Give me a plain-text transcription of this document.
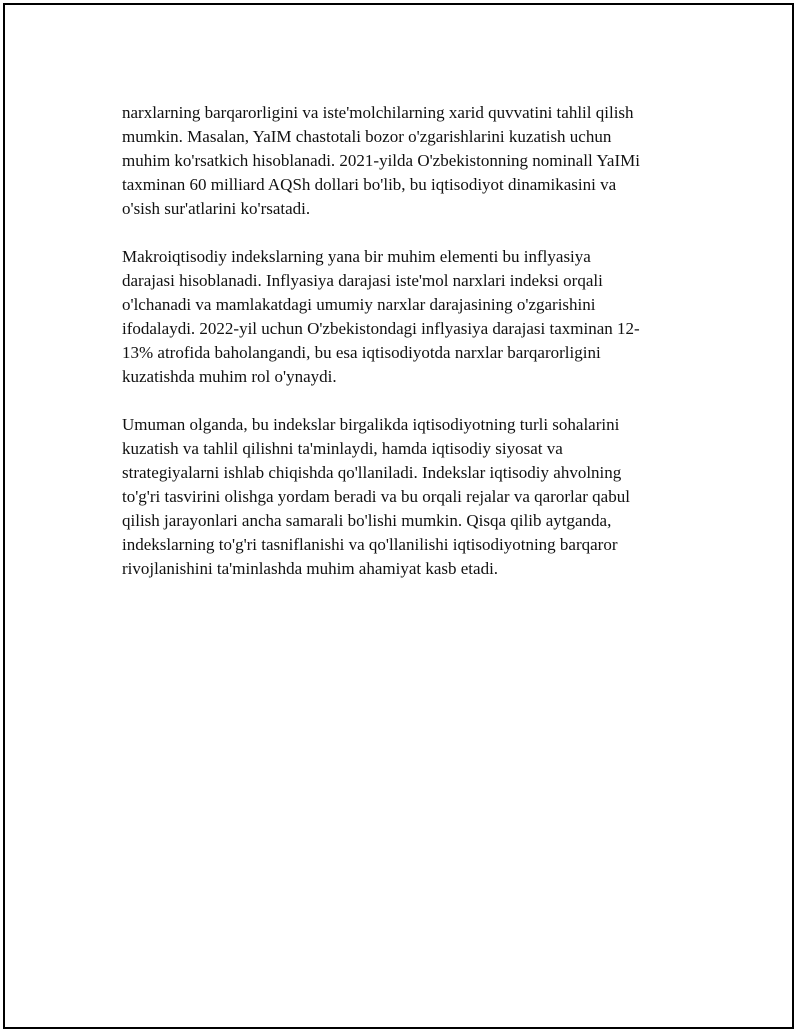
narxlarning barqarorligini va iste'molchilarning xarid quvvatini tahlil qilish
mumkin. Masalan, YaIM chastotali bozor o'zgarishlarini kuzatish uchun
muhim ko'rsatkich hisoblanadi. 2021-yilda O'zbekistonning nominall YaIMi
taxminan 60 milliard AQSh dollari bo'lib, bu iqtisodiyot dinamikasini va
o'sish sur'atlarini ko'rsatadi.

Makroiqtisodiy indekslarning yana bir muhim elementi bu inflyasiya
darajasi hisoblanadi. Inflyasiya darajasi iste'mol narxlari indeksi orqali
o'lchanadi va mamlakatdagi umumiy narxlar darajasining o'zgarishini
ifodalaydi. 2022-yil uchun O'zbekistondagi inflyasiya darajasi taxminan 12-
13% atrofida baholangandi, bu esa iqtisodiyotda narxlar barqarorligini
kuzatishda muhim rol o'ynaydi.

Umuman olganda, bu indekslar birgalikda iqtisodiyotning turli sohalarini
kuzatish va tahlil qilishni ta'minlaydi, hamda iqtisodiy siyosat va
strategiyalarni ishlab chiqishda qo'llaniladi. Indekslar iqtisodiy ahvolning
to'g'ri tasvirini olishga yordam beradi va bu orqali rejalar va qarorlar qabul
qilish jarayonlari ancha samarali bo'lishi mumkin. Qisqa qilib aytganda,
indekslarning to'g'ri tasniflanishi va qo'llanilishi iqtisodiyotning barqaror
rivojlanishini ta'minlashda muhim ahamiyat kasb etadi.
